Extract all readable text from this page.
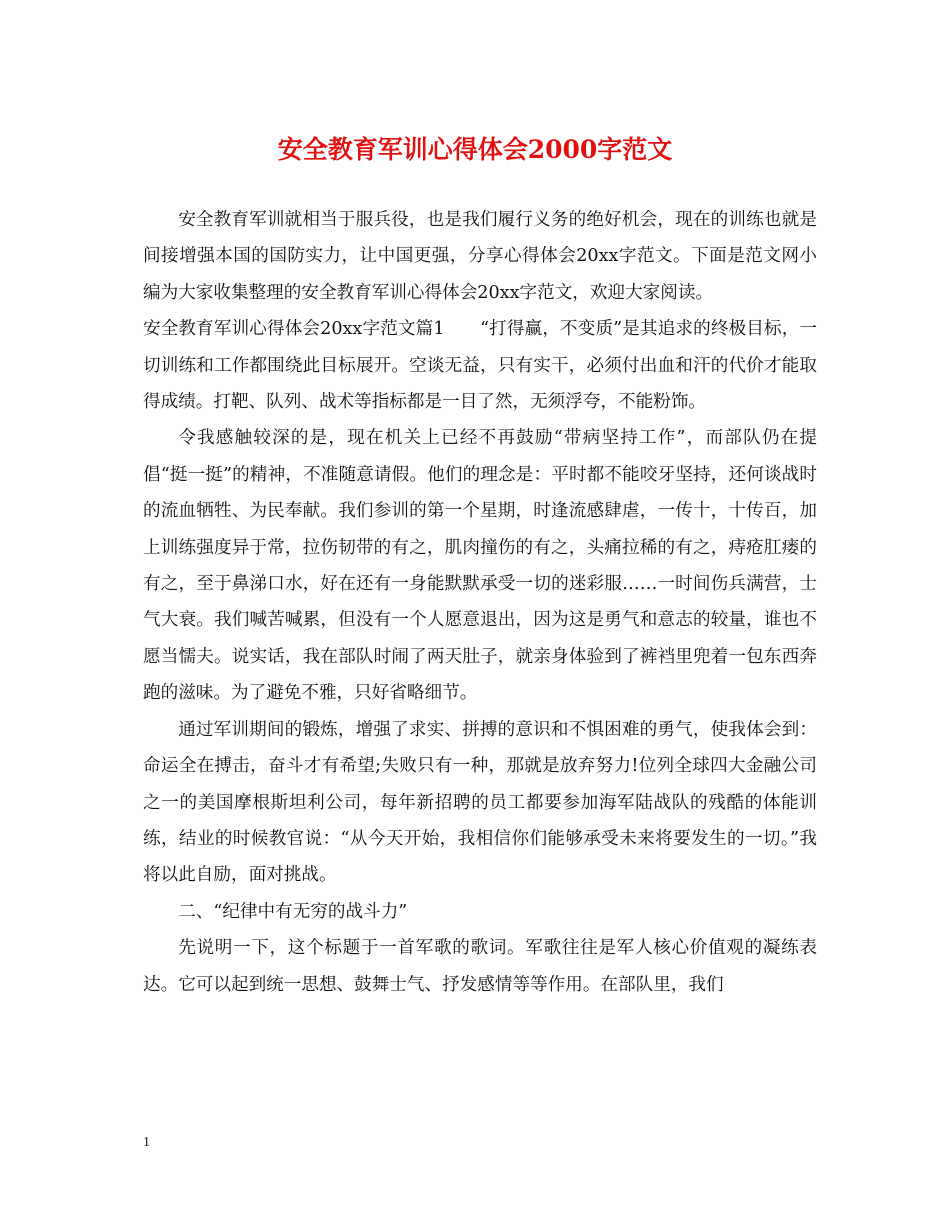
安全教育军训心得体会2000字范文

安全教育军训就相当于服兵役，也是我们履行义务的绝好机会，现在的训练也就是间接增强本国的国防实力，让中国更强，分享心得体会20xx字范文。下面是范文网小编为大家收集整理的安全教育军训心得体会20xx字范文，欢迎大家阅读。

安全教育军训心得体会20xx字范文篇1　　“打得赢，不变质”是其追求的终极目标，一切训练和工作都围绕此目标展开。空谈无益，只有实干，必须付出血和汗的代价才能取得成绩。打靶、队列、战术等指标都是一目了然，无须浮夸，不能粉饰。

令我感触较深的是，现在机关上已经不再鼓励“带病坚持工作”，而部队仍在提倡“挺一挺”的精神，不准随意请假。他们的理念是：平时都不能咬牙坚持，还何谈战时的流血牺牲、为民奉献。我们参训的第一个星期，时逢流感肆虐，一传十，十传百，加上训练强度异于常，拉伤韧带的有之，肌肉撞伤的有之，头痛拉稀的有之，痔疮肛瘘的有之，至于鼻涕口水，好在还有一身能默默承受一切的迷彩服……一时间伤兵满营，士气大衰。我们喊苦喊累，但没有一个人愿意退出，因为这是勇气和意志的较量，谁也不愿当懦夫。说实话，我在部队时闹了两天肚子，就亲身体验到了裤裆里兜着一包东西奔跑的滋味。为了避免不雅，只好省略细节。

通过军训期间的锻炼，增强了求实、拼搏的意识和不惧困难的勇气，使我体会到：命运全在搏击，奋斗才有希望;失败只有一种，那就是放弃努力!位列全球四大金融公司之一的美国摩根斯坦利公司，每年新招聘的员工都要参加海军陆战队的残酷的体能训练，结业的时候教官说：“从今天开始，我相信你们能够承受未来将要发生的一切。”我将以此自励，面对挑战。

二、“纪律中有无穷的战斗力”

先说明一下，这个标题于一首军歌的歌词。军歌往往是军人核心价值观的凝练表达。它可以起到统一思想、鼓舞士气、抒发感情等等作用。在部队里，我们

1
